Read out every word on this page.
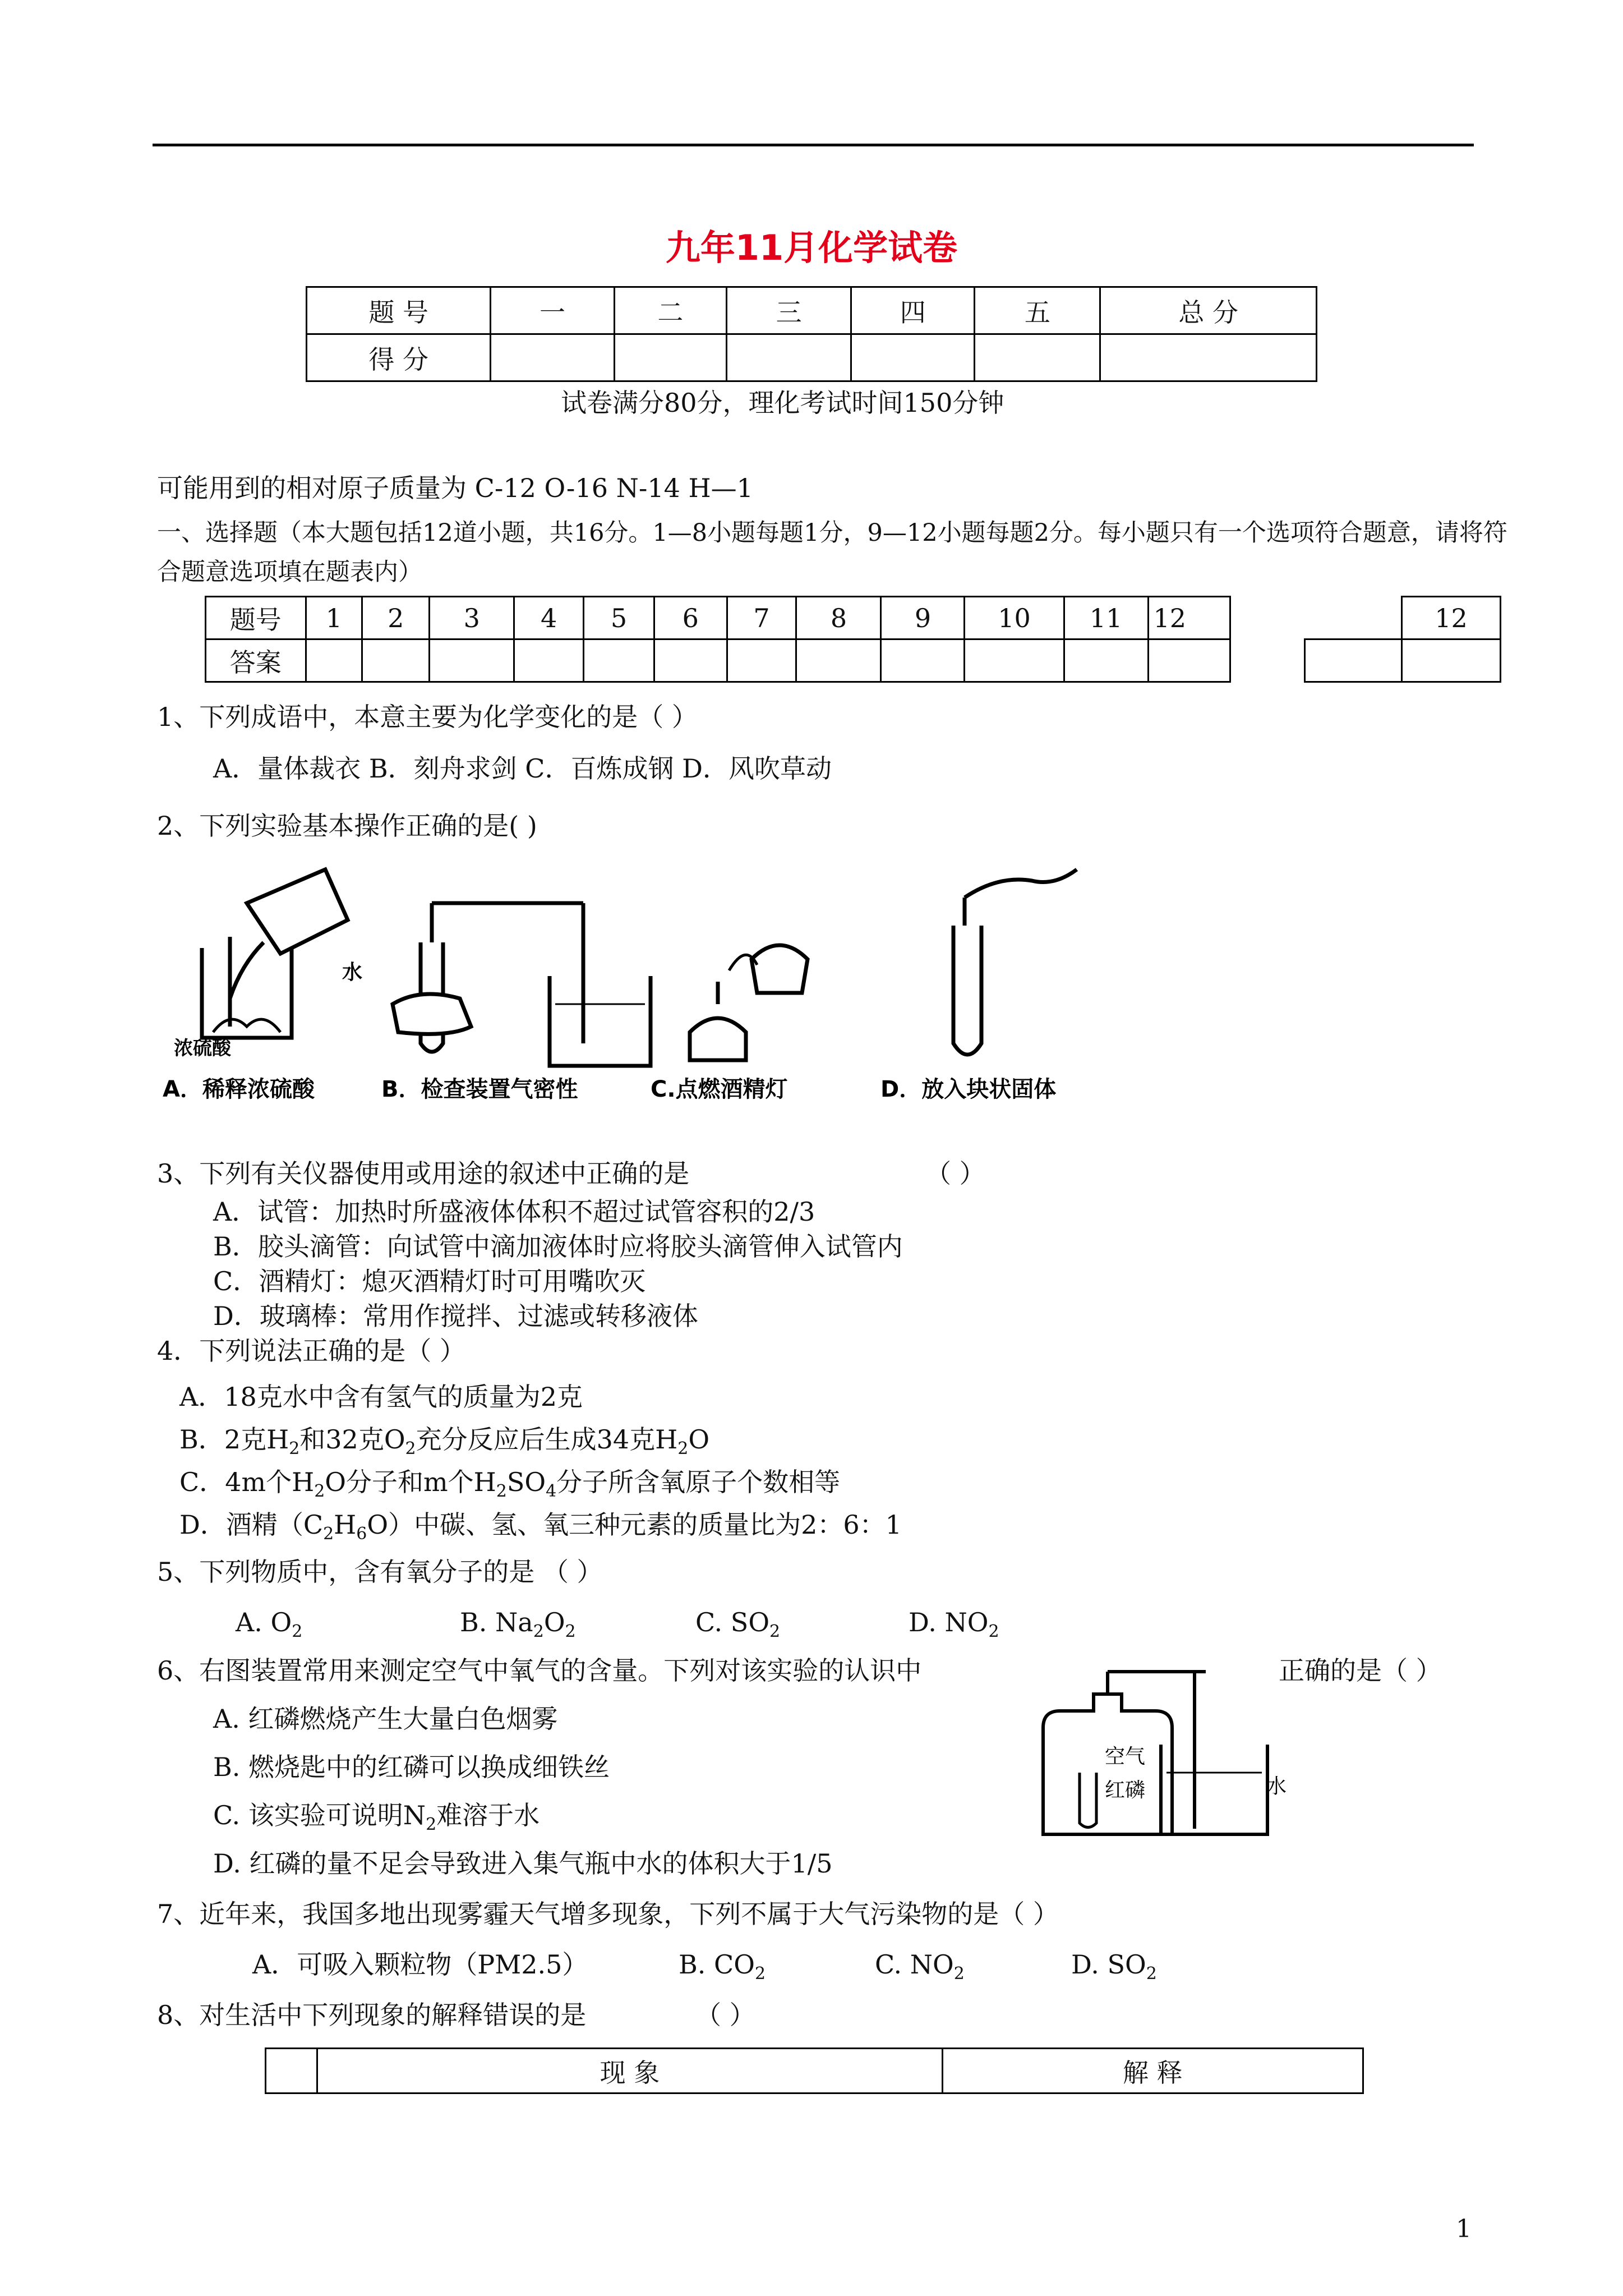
九年11月化学试卷
题 号	一	二	三	四	五	总 分
得 分						
试卷满分80分，理化考试时间150分钟
可能用到的相对原子质量为 C-12 O-16 N-14 H—1
一、选择题（本大题包括12道小题，共16分。1—8小题每题1分，9—12小题每题2分。每小题只有一个选项符合题意，请将符
合题意选项填在题表内）
题号	1	2	3	4	5	6	7	8	9	10	11	12
答案												
	12

1、下列成语中，本意主要为化学变化的是（ ）
A．量体裁衣 B．刻舟求剑 C．百炼成钢 D．风吹草动
2、下列实验基本操作正确的是( )
水
浓硫酸
A．稀释浓硫酸	B．检查装置气密性	C.点燃酒精灯	D．放入块状固体
3、下列有关仪器使用或用途的叙述中正确的是	（ ）
A．试管：加热时所盛液体体积不超过试管容积的2/3
B．胶头滴管：向试管中滴加液体时应将胶头滴管伸入试管内
C．酒精灯：熄灭酒精灯时可用嘴吹灭
D．玻璃棒：常用作搅拌、过滤或转移液体
4．下列说法正确的是（ ）
A．18克水中含有氢气的质量为2克
B．2克$H_2$和32克$O_2$充分反应后生成34克$H_2O$
C．4m个$H_2O$分子和m个$H_2SO_4$分子所含氧原子个数相等
D．酒精$(C_2H_6O)$中碳、氢、氧三种元素的质量比为2：6：1
5、下列物质中，含有氧分子的是 （ ）
A. $O_2$	B. $Na_2O_2$	C. $SO_2$	D. $NO_2$
6、右图装置常用来测定空气中氧气的含量。下列对该实验的认识中	正确的是（ ）
A. 红磷燃烧产生大量白色烟雾
B. 燃烧匙中的红磷可以换成细铁丝
C. 该实验可说明$N_2$难溶于水
D. 红磷的量不足会导致进入集气瓶中水的体积大于1/5
空气
红磷	水
7、近年来，我国多地出现雾霾天气增多现象，下列不属于大气污染物的是（ ）
A．可吸入颗粒物（PM2.5）	B. $CO_2$	C. $NO_2$	D. $SO_2$
8、对生活中下列现象的解释错误的是	（ ）
	现 象	解 释
1
